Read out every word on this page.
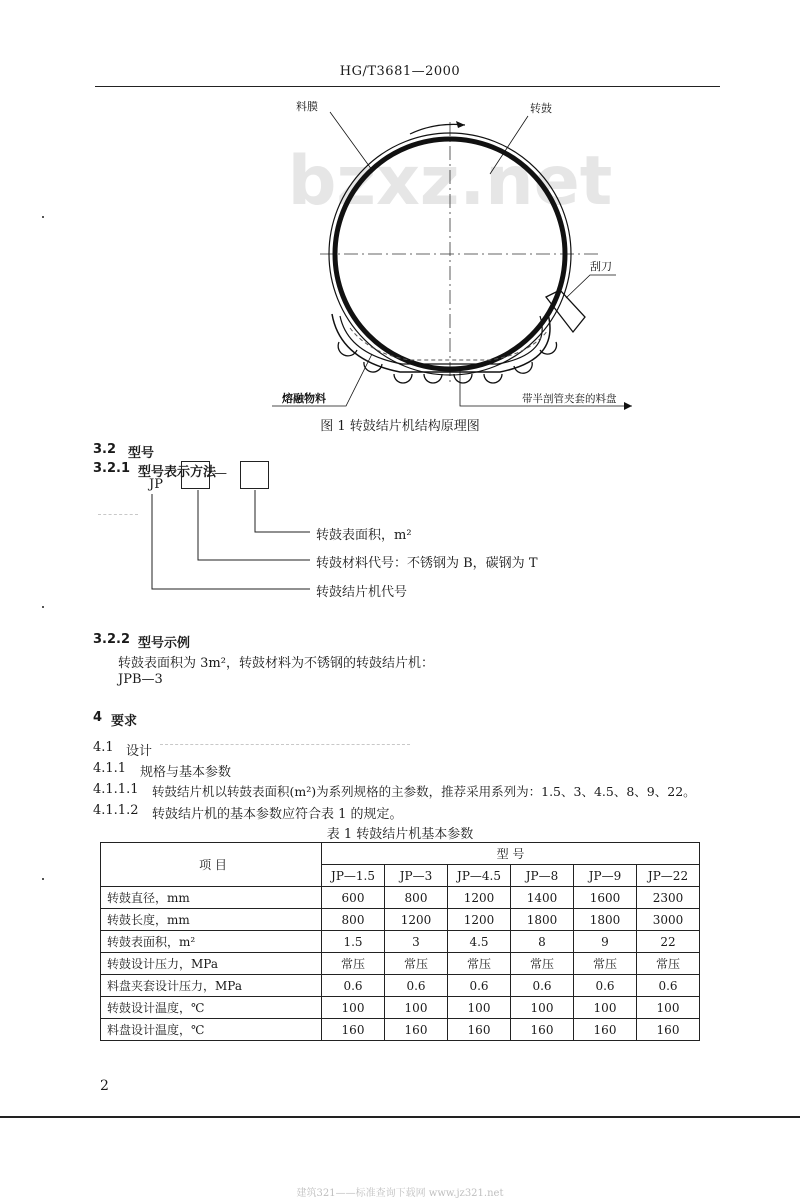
HG/T3681—2000
bzxz.net
料膜	转鼓
刮刀
熔融物料	带半剖管夹套的料盘
图 1 转鼓结片机结构原理图
3.2 型号
3.2.1 型号表示方法
JP
—
转鼓表面积，m²
转鼓材料代号：不锈钢为 B，碳钢为 T
转鼓结片机代号
3.2.2 型号示例
转鼓表面积为 3m²，转鼓材料为不锈钢的转鼓结片机：
JPB—3
4 要求
4.1 设计
4.1.1 规格与基本参数
4.1.1.1 转鼓结片机以转鼓表面积(m²)为系列规格的主参数，推荐采用系列为：1.5、3、4.5、8、9、22。
4.1.1.2 转鼓结片机的基本参数应符合表 1 的规定。
表 1 转鼓结片机基本参数
项 目	型 号					
	JP—1.5	JP—3	JP—4.5	JP—8	JP—9	JP—22
转鼓直径，mm	600	800	1200	1400	1600	2300
转鼓长度，mm	800	1200	1200	1800	1800	3000
转鼓表面积，m²	1.5	3	4.5	8	9	22
转鼓设计压力，MPa	常压	常压	常压	常压	常压	常压
料盘夹套设计压力，MPa	0.6	0.6	0.6	0.6	0.6	0.6
转鼓设计温度，℃	100	100	100	100	100	100
料盘设计温度，℃	160	160	160	160	160	160
2
建筑321——标准查询下载网 www.jz321.net
